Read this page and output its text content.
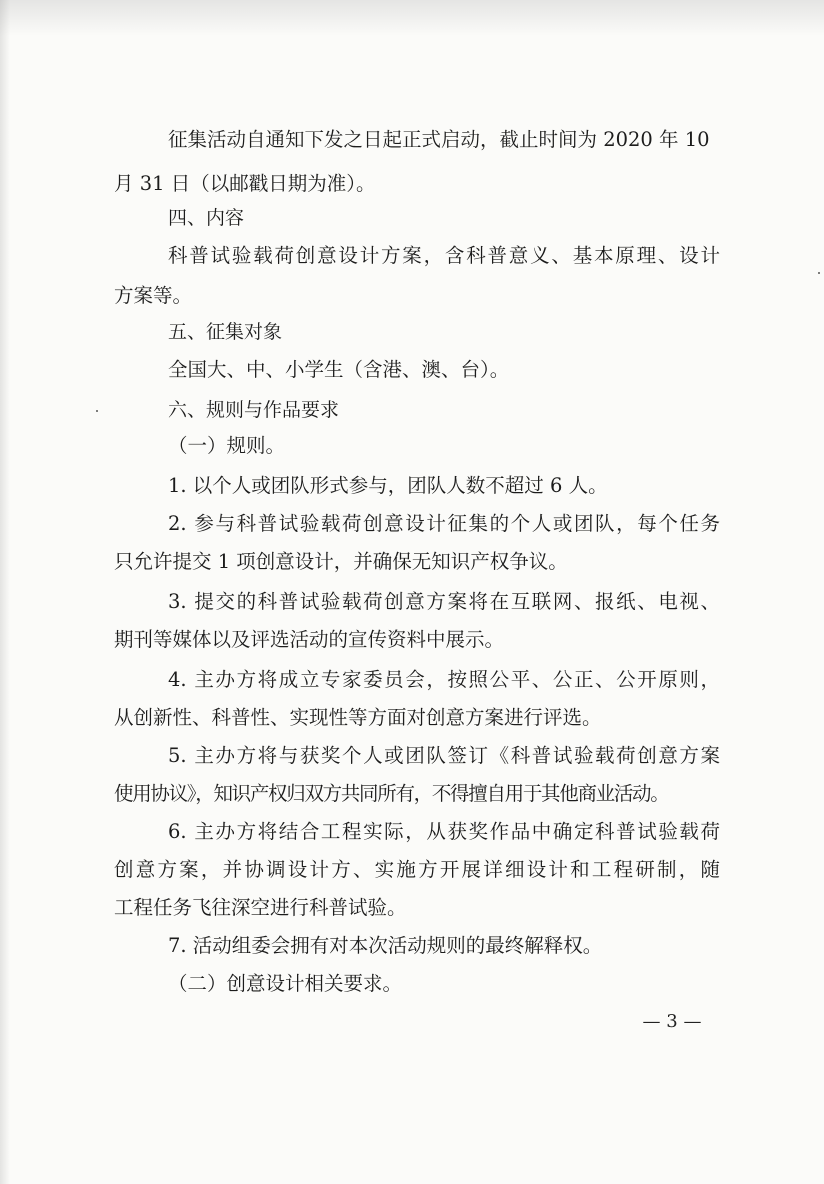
征集活动自通知下发之日起正式启动，截止时间为 2020 年 10
月 31 日（以邮戳日期为准）。
四、内容
科普试验载荷创意设计方案，含科普意义、基本原理、设计
方案等。
五、征集对象
全国大、中、小学生（含港、澳、台）。
六、规则与作品要求
（一）规则。
1. 以个人或团队形式参与，团队人数不超过 6 人。
2. 参与科普试验载荷创意设计征集的个人或团队，每个任务
只允许提交 1 项创意设计，并确保无知识产权争议。
3. 提交的科普试验载荷创意方案将在互联网、报纸、电视、
期刊等媒体以及评选活动的宣传资料中展示。
4. 主办方将成立专家委员会，按照公平、公正、公开原则，
从创新性、科普性、实现性等方面对创意方案进行评选。
5. 主办方将与获奖个人或团队签订《科普试验载荷创意方案
使用协议》，知识产权归双方共同所有，不得擅自用于其他商业活动。
6. 主办方将结合工程实际，从获奖作品中确定科普试验载荷
创意方案，并协调设计方、实施方开展详细设计和工程研制，随
工程任务飞往深空进行科普试验。
7. 活动组委会拥有对本次活动规则的最终解释权。
（二）创意设计相关要求。
— 3 —
